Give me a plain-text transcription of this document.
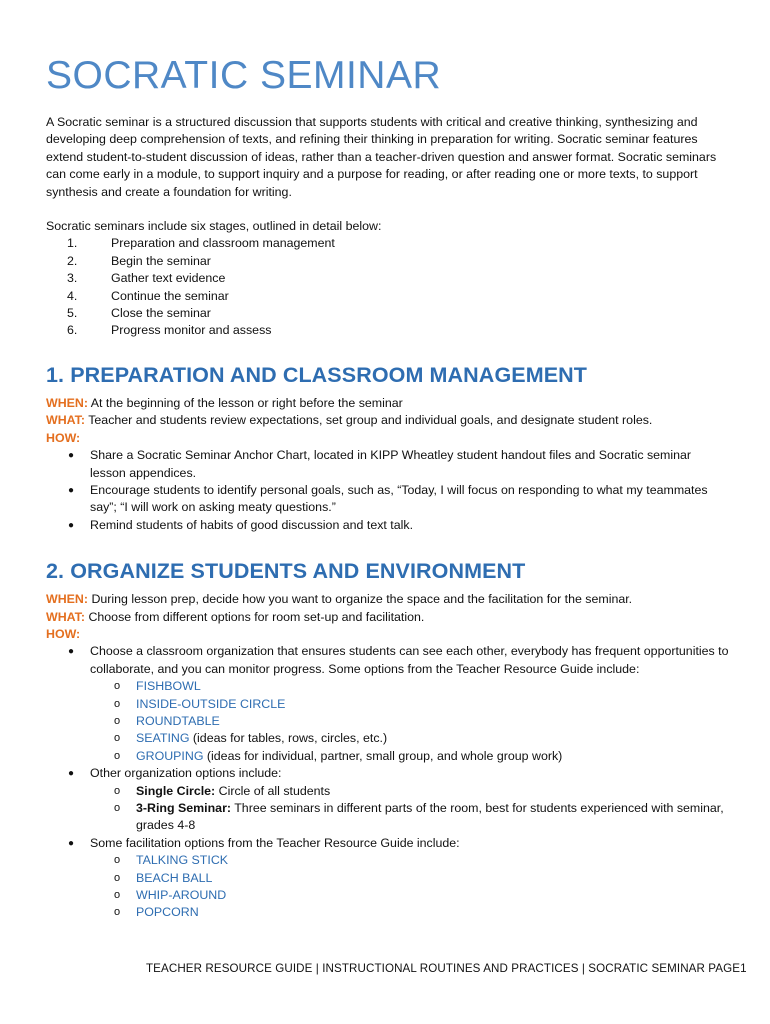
SOCRATIC SEMINAR

A Socratic seminar is a structured discussion that supports students with critical and creative thinking, synthesizing and developing deep comprehension of texts, and refining their thinking in preparation for writing. Socratic seminar features extend student-to-student discussion of ideas, rather than a teacher-driven question and answer format. Socratic seminars can come early in a module, to support inquiry and a purpose for reading, or after reading one or more texts, to support synthesis and create a foundation for writing.

Socratic seminars include six stages, outlined in detail below:

1.	Preparation and classroom management
2.	Begin the seminar
3.	Gather text evidence
4.	Continue the seminar
5.	Close the seminar
6.	Progress monitor and assess
1. PREPARATION AND CLASSROOM MANAGEMENT
WHEN: At the beginning of the lesson or right before the seminar
WHAT: Teacher and students review expectations, set group and individual goals, and designate student roles.
HOW:
● Share a Socratic Seminar Anchor Chart, located in KIPP Wheatley student handout files and Socratic seminar lesson appendices.
● Encourage students to identify personal goals, such as, “Today, I will focus on responding to what my teammates say”; “I will work on asking meaty questions.”
● Remind students of habits of good discussion and text talk.
2. ORGANIZE STUDENTS AND ENVIRONMENT
WHEN: During lesson prep, decide how you want to organize the space and the facilitation for the seminar.
WHAT: Choose from different options for room set-up and facilitation.
HOW:
● Choose a classroom organization that ensures students can see each other, everybody has frequent opportunities to collaborate, and you can monitor progress. Some options from the Teacher Resource Guide include:
o FISHBOWL
o INSIDE-OUTSIDE CIRCLE
o ROUNDTABLE
o SEATING (ideas for tables, rows, circles, etc.)
o GROUPING (ideas for individual, partner, small group, and whole group work)
● Other organization options include:
o Single Circle: Circle of all students
o 3-Ring Seminar: Three seminars in different parts of the room, best for students experienced with seminar, grades 4-8
● Some facilitation options from the Teacher Resource Guide include:
o TALKING STICK
o BEACH BALL
o WHIP-AROUND
o POPCORN
TEACHER RESOURCE GUIDE | INSTRUCTIONAL ROUTINES AND PRACTICES | SOCRATIC SEMINAR PAGE1
